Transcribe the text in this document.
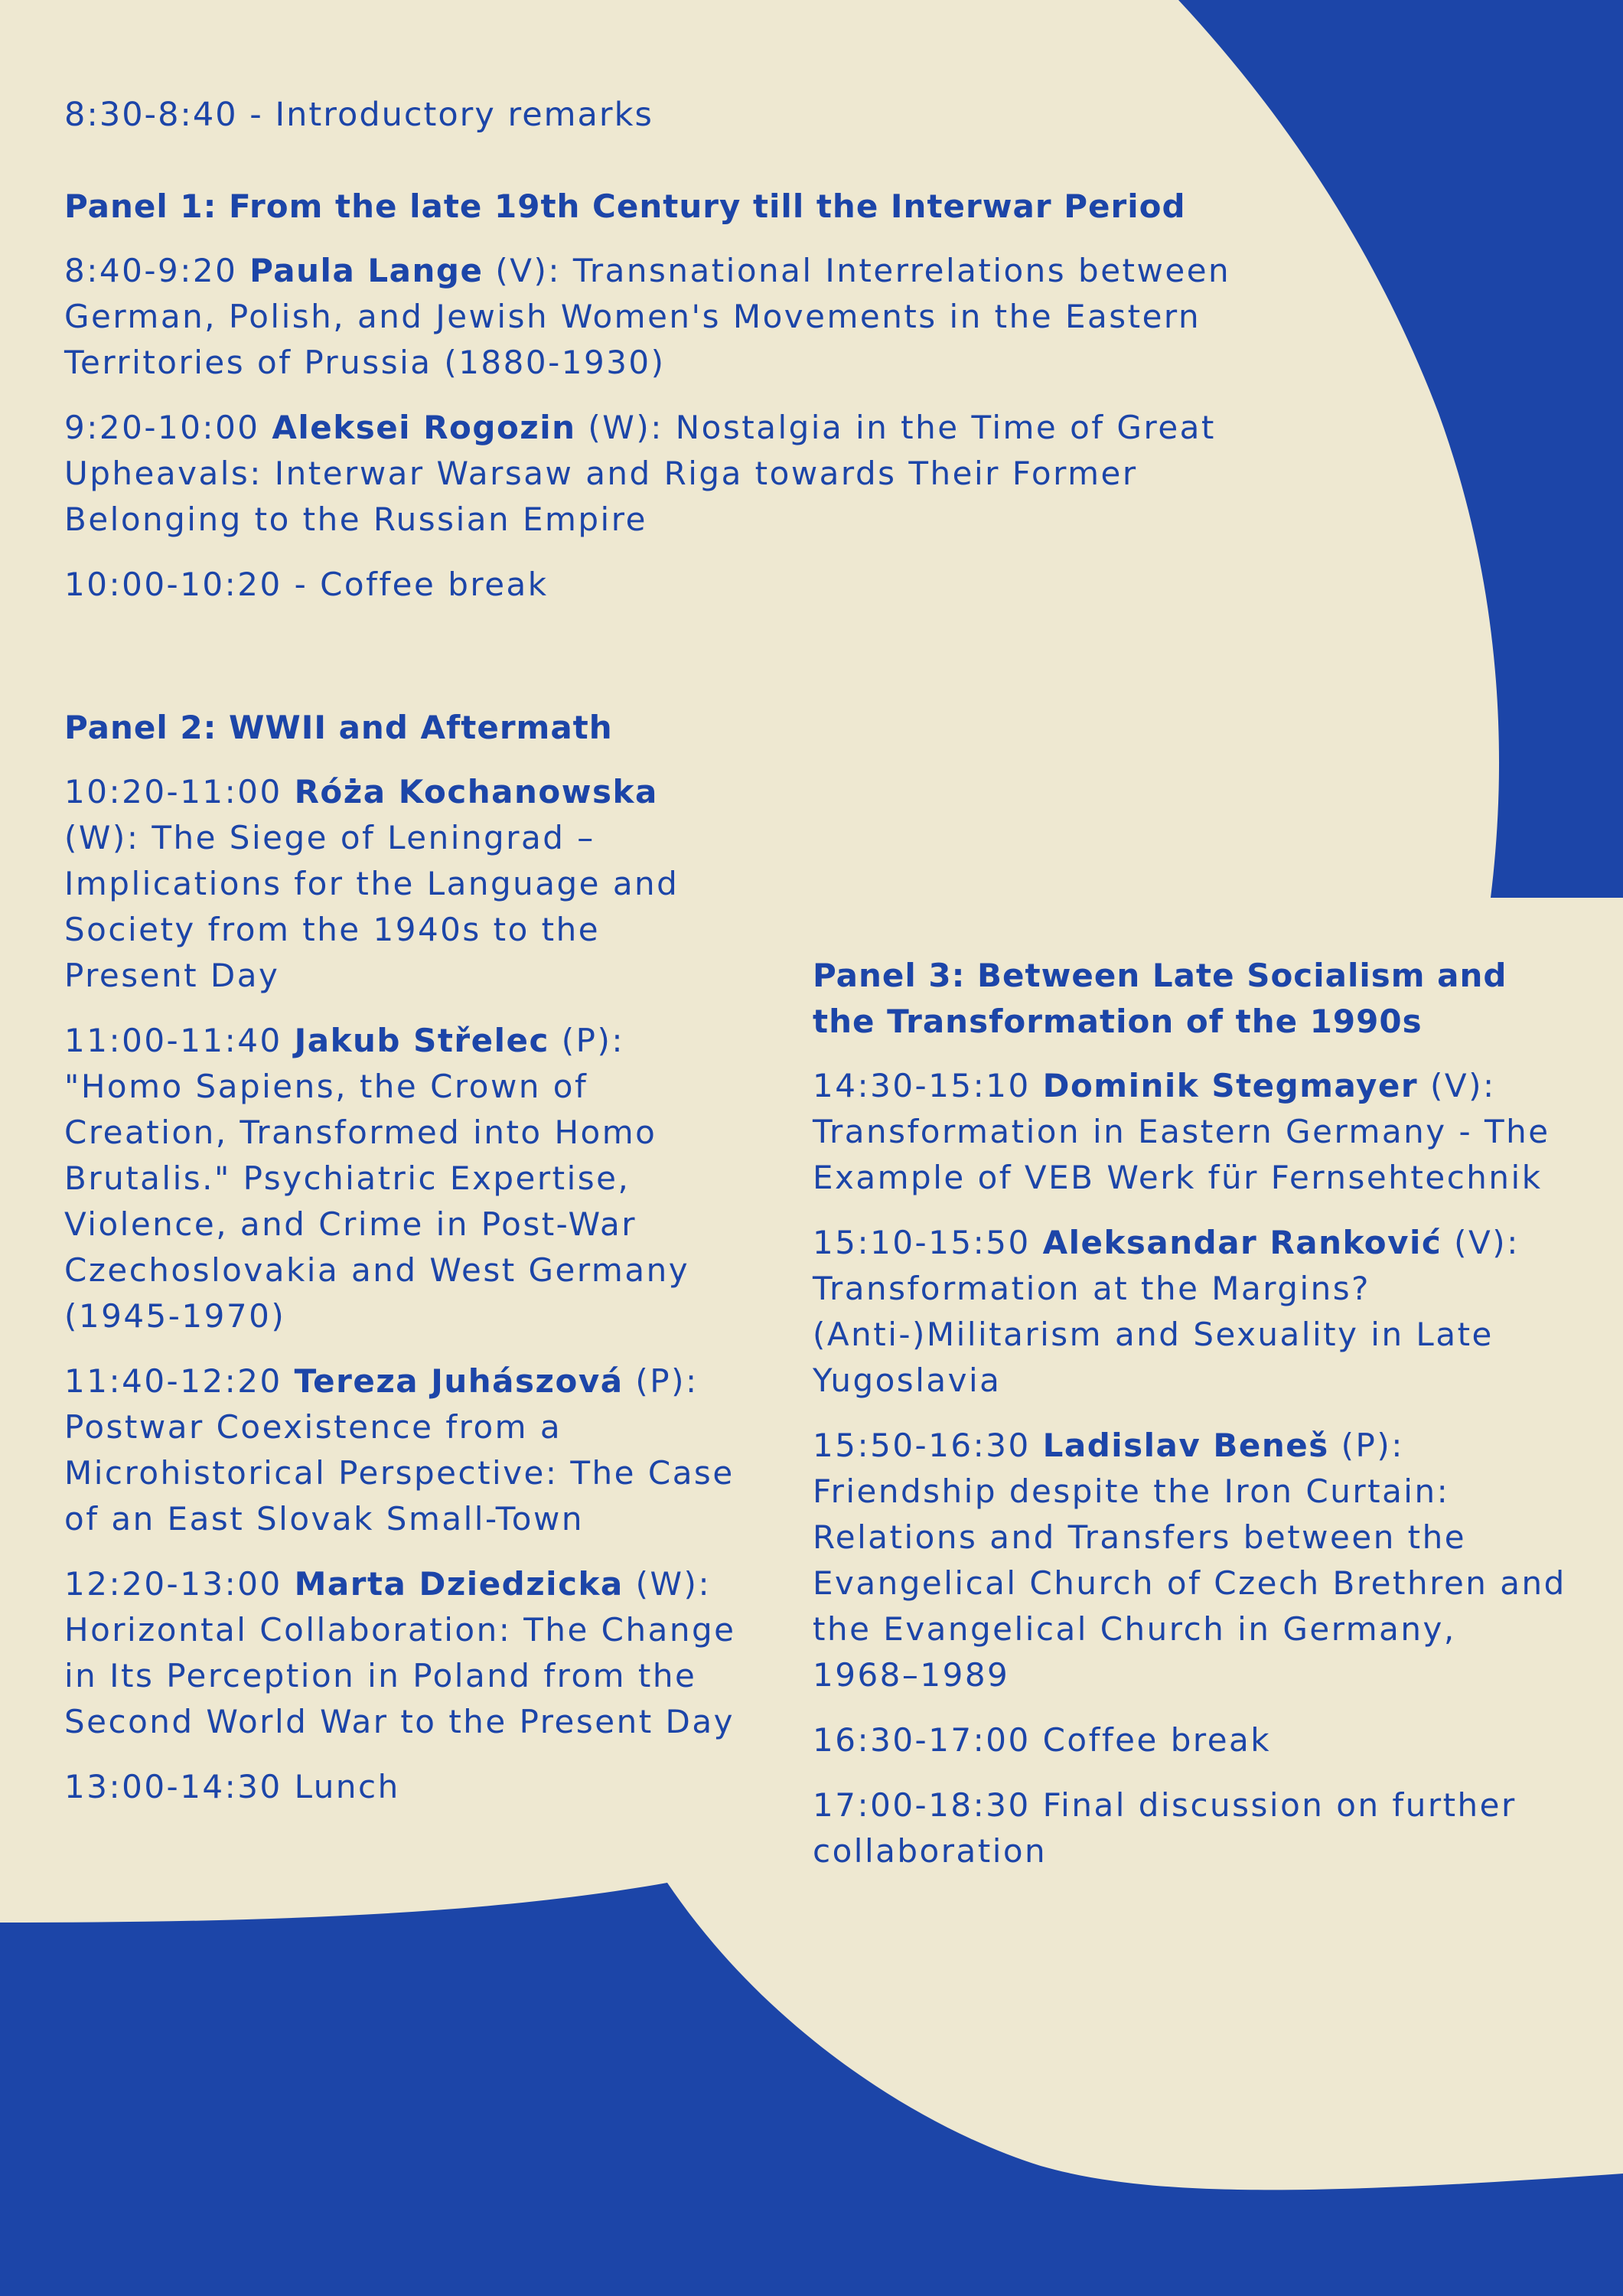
8:30-8:40 - Introductory remarks

Panel 1: From the late 19th Century till the Interwar Period

8:40-9:20 Paula Lange (V): Transnational Interrelations between German, Polish, and Jewish Women's Movements in the Eastern Territories of Prussia (1880-1930)

9:20-10:00 Aleksei Rogozin (W): Nostalgia in the Time of Great Upheavals: Interwar Warsaw and Riga towards Their Former Belonging to the Russian Empire

10:00-10:20 - Coffee break

Panel 2: WWII and Aftermath

10:20-11:00 Róża Kochanowska (W): The Siege of Leningrad – Implications for the Language and Society from the 1940s to the Present Day

11:00-11:40 Jakub Střelec (P): "Homo Sapiens, the Crown of Creation, Transformed into Homo Brutalis." Psychiatric Expertise, Violence, and Crime in Post-War Czechoslovakia and West Germany (1945-1970)

11:40-12:20 Tereza Juhászová (P): Postwar Coexistence from a Microhistorical Perspective: The Case of an East Slovak Small-Town

12:20-13:00 Marta Dziedzicka (W): Horizontal Collaboration: The Change in Its Perception in Poland from the Second World War to the Present Day

13:00-14:30 Lunch

Panel 3: Between Late Socialism and the Transformation of the 1990s

14:30-15:10 Dominik Stegmayer (V): Transformation in Eastern Germany - The Example of VEB Werk für Fernsehtechnik

15:10-15:50 Aleksandar Ranković (V): Transformation at the Margins? (Anti-)Militarism and Sexuality in Late Yugoslavia

15:50-16:30 Ladislav Beneš (P): Friendship despite the Iron Curtain: Relations and Transfers between the Evangelical Church of Czech Brethren and the Evangelical Church in Germany, 1968–1989

16:30-17:00 Coffee break

17:00-18:30 Final discussion on further collaboration
